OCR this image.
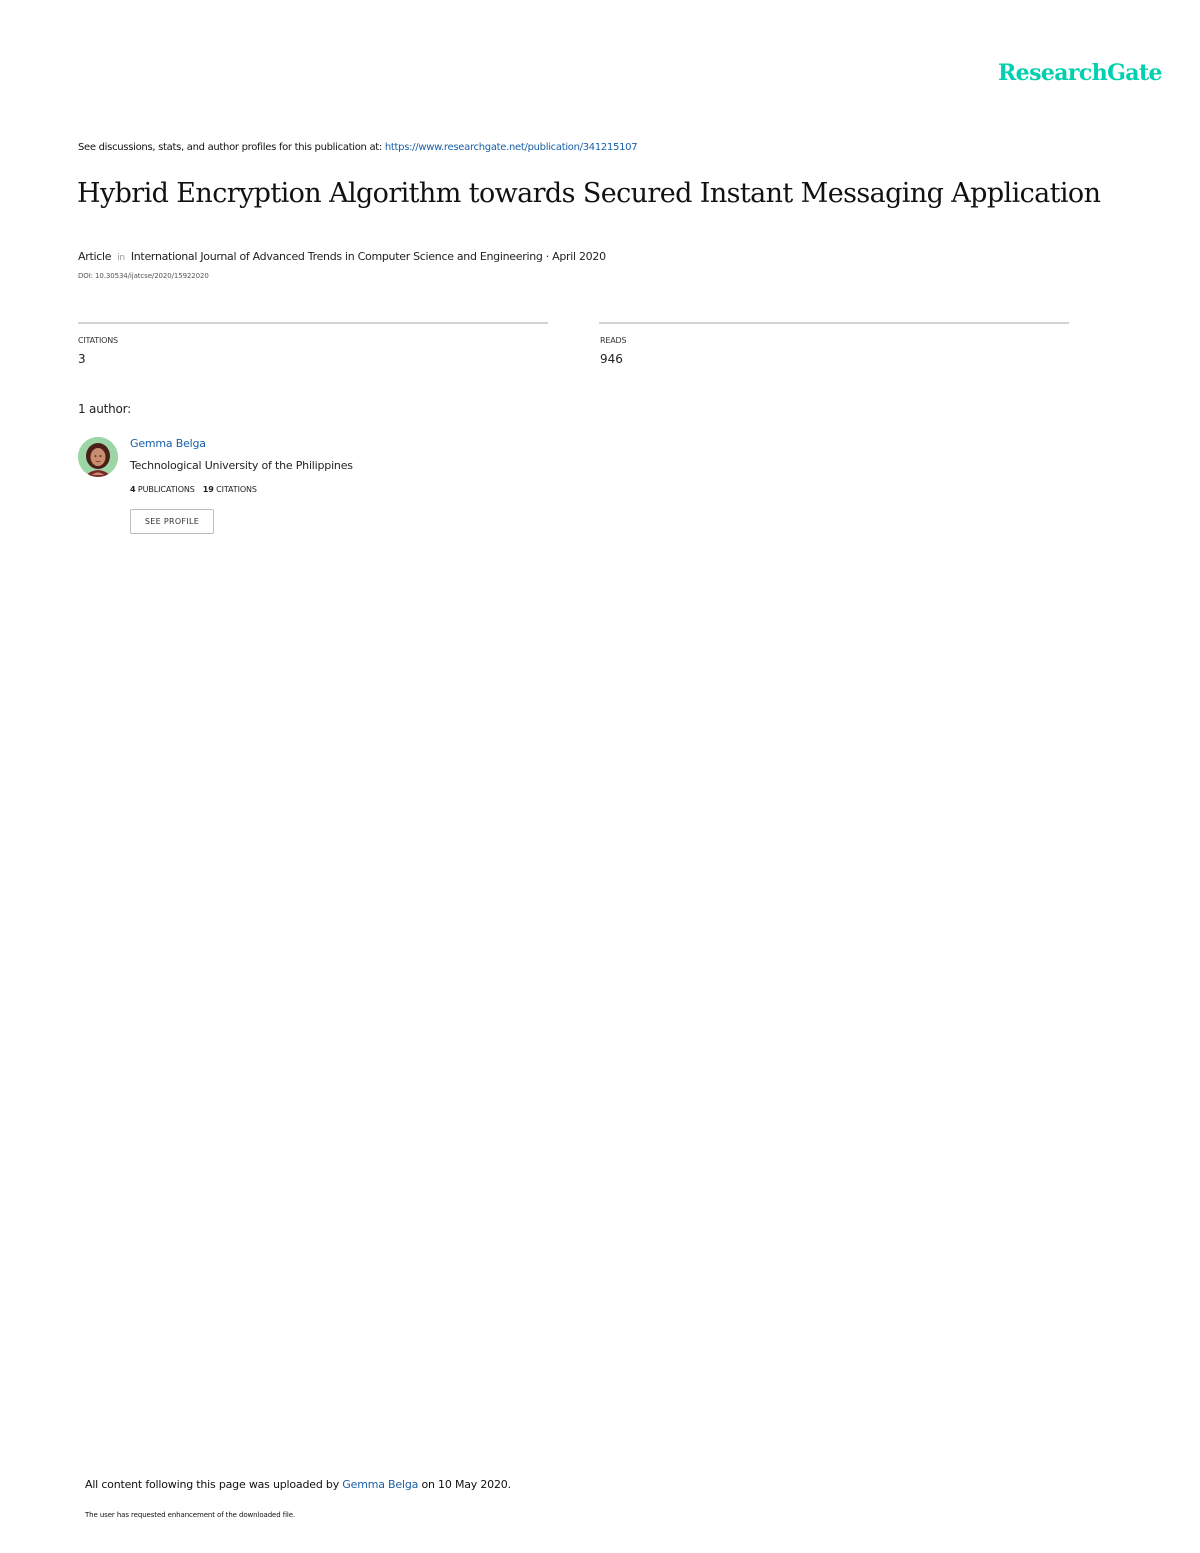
ResearchGate
See discussions, stats, and author profiles for this publication at: https://www.researchgate.net/publication/341215107
Hybrid Encryption Algorithm towards Secured Instant Messaging Application
Article in International Journal of Advanced Trends in Computer Science and Engineering · April 2020
DOI: 10.30534/ijatcse/2020/15922020
CITATIONS
3
READS
946
1 author:
Gemma Belga
Technological University of the Philippines
4 PUBLICATIONS 19 CITATIONS
SEE PROFILE
All content following this page was uploaded by Gemma Belga on 10 May 2020.
The user has requested enhancement of the downloaded file.
